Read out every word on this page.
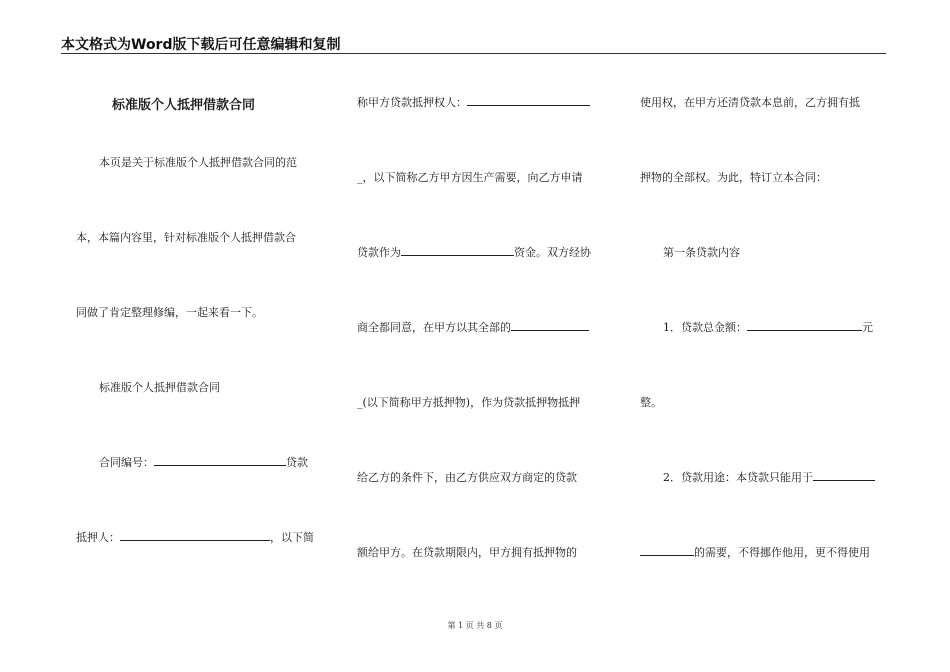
本文格式为Word版下载后可任意编辑和复制
标准版个人抵押借款合同
本页是关于标准版个人抵押借款合同的范
本，本篇内容里，针对标准版个人抵押借款合
同做了肯定整理修编，一起来看一下。
标准版个人抵押借款合同
合同编号：	贷款
抵押人：	，以下简
称甲方贷款抵押权人：
_，以下简称乙方甲方因生产需要，向乙方申请
贷款作为	资金。双方经协
商全都同意，在甲方以其全部的
_(以下简称甲方抵押物)，作为贷款抵押物抵押
给乙方的条件下，由乙方供应双方商定的贷款
额给甲方。在贷款期限内，甲方拥有抵押物的
使用权，在甲方还清贷款本息前，乙方拥有抵
押物的全部权。为此，特订立本合同：
第一条贷款内容
1．贷款总金额：	元
整。
2．贷款用途：本贷款只能用于
的需要，不得挪作他用，更不得使用
第 1 页 共 8 页
